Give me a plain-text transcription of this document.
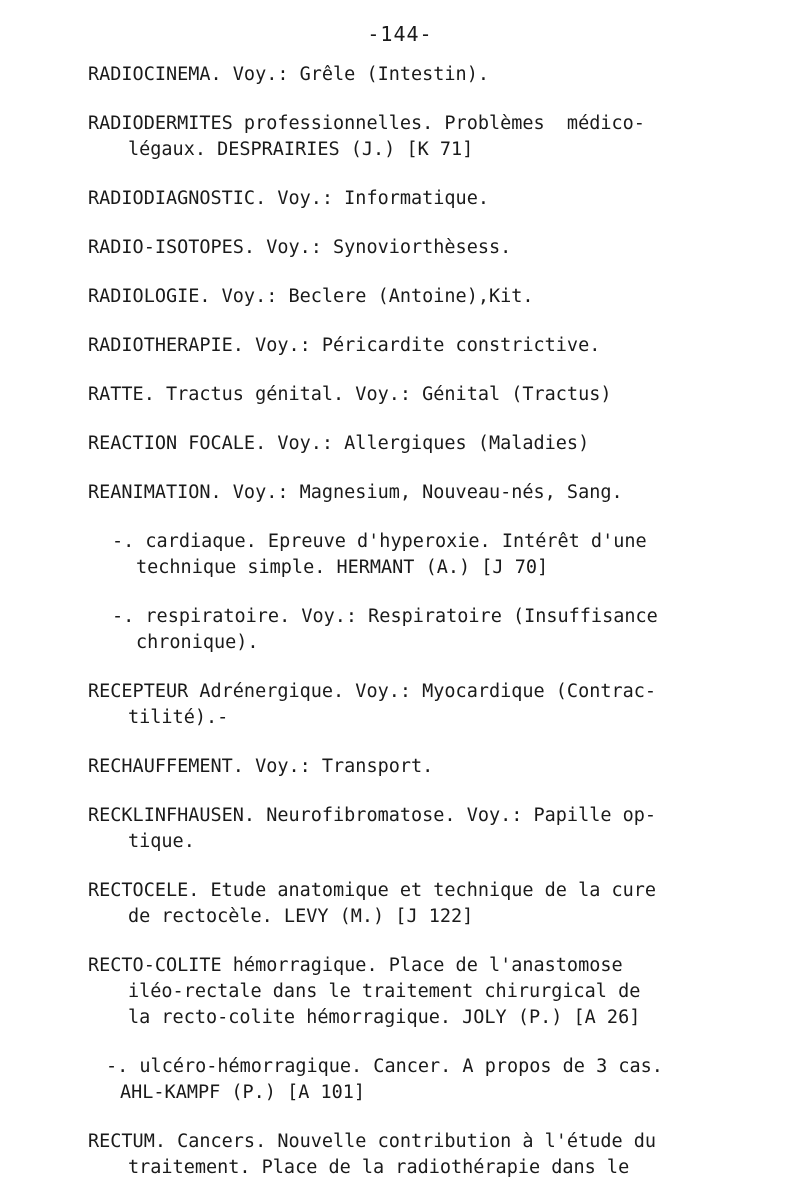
-144-
RADIOCINEMA. Voy.: Grêle (Intestin).
RADIODERMITES professionnelles. Problèmes  médico-
légaux. DESPRAIRIES (J.) [K 71]
RADIODIAGNOSTIC. Voy.: Informatique.
RADIO-ISOTOPES. Voy.: Synoviorthèsess.
RADIOLOGIE. Voy.: Beclere (Antoine),Kit.
RADIOTHERAPIE. Voy.: Péricardite constrictive.
RATTE. Tractus génital. Voy.: Génital (Tractus)
REACTION FOCALE. Voy.: Allergiques (Maladies)
REANIMATION. Voy.: Magnesium, Nouveau-nés, Sang.
-. cardiaque. Epreuve d'hyperoxie. Intérêt d'une
technique simple. HERMANT (A.) [J 70]
-. respiratoire. Voy.: Respiratoire (Insuffisance
chronique).
RECEPTEUR Adrénergique. Voy.: Myocardique (Contrac-
tilité).-
RECHAUFFEMENT. Voy.: Transport.
RECKLINFHAUSEN. Neurofibromatose. Voy.: Papille op-
tique.
RECTOCELE. Etude anatomique et technique de la cure
de rectocèle. LEVY (M.) [J 122]
RECTO-COLITE hémorragique. Place de l'anastomose
iléo-rectale dans le traitement chirurgical de
la recto-colite hémorragique. JOLY (P.) [A 26]
-. ulcéro-hémorragique. Cancer. A propos de 3 cas.
AHL-KAMPF (P.) [A 101]
RECTUM. Cancers. Nouvelle contribution à l'étude du
traitement. Place de la radiothérapie dans le
